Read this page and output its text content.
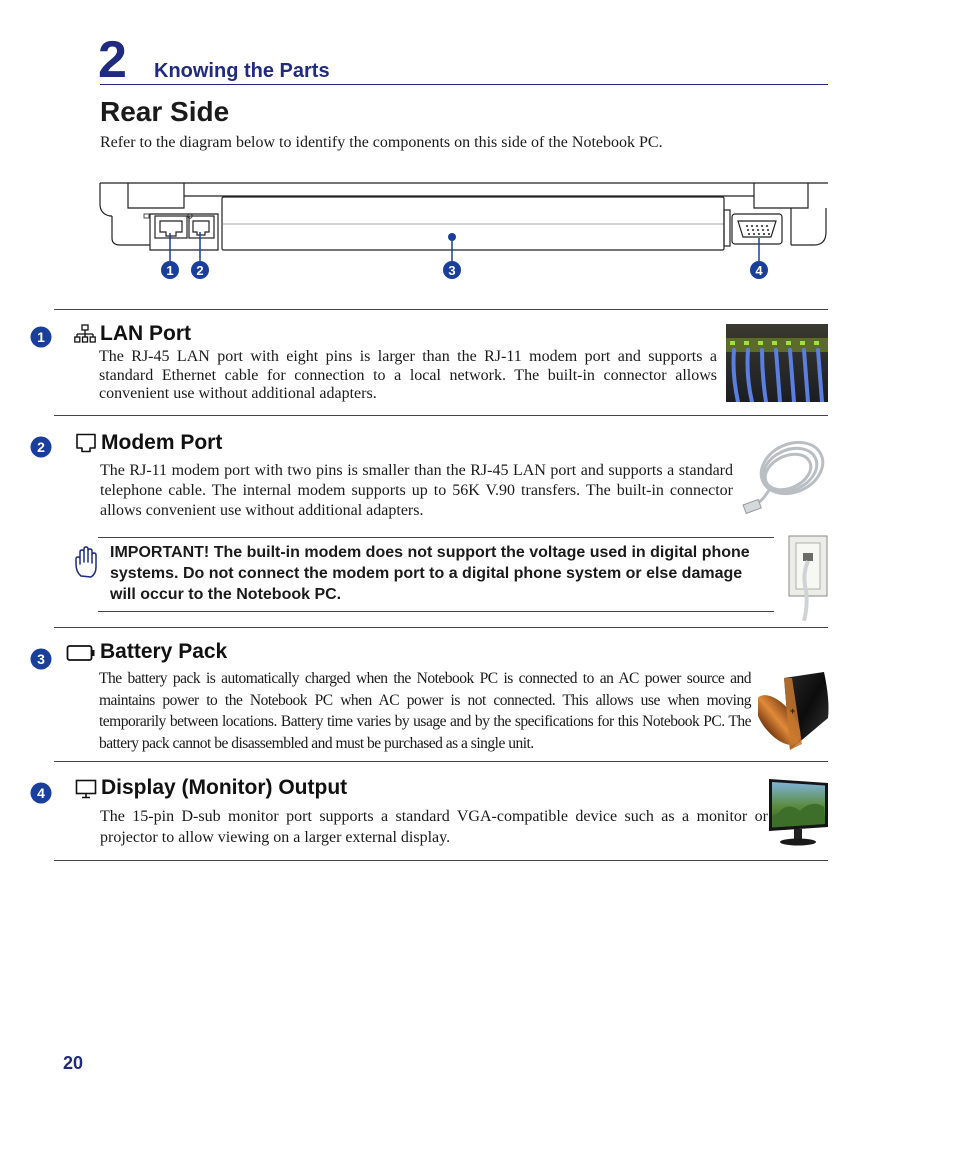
2 Knowing the Parts
Rear Side
Refer to the diagram below to identify the components on this side of the Notebook PC.
1 2	3	4
1	LAN Port

The RJ-45 LAN port with eight pins is larger than the RJ-11 modem port and supports a standard Ethernet cable for connection to a local network. The built-in connector allows convenient use without additional adapters.

2	Modem Port

The RJ-11 modem port with two pins is smaller than the RJ-45 LAN port and supports a standard telephone cable. The internal modem supports up to 56K V.90 transfers. The built-in connector allows convenient use without additional adapters.

IMPORTANT! The built-in modem does not support the voltage used in digital phone systems. Do not connect the modem port to a digital phone system or else damage will occur to the Notebook PC.

3	Battery Pack

The battery pack is automatically charged when the Notebook PC is connected to an AC power source and maintains power to the Notebook PC when AC power is not connected. This allows use when moving temporarily between locations. Battery time varies by usage and by the specifications for this Notebook PC. The battery pack cannot be disassembled and must be purchased as a single unit.

+
4	Display (Monitor) Output

The 15-pin D-sub monitor port supports a standard VGA-compatible device such as a monitor or projector to allow viewing on a larger external display.

20
